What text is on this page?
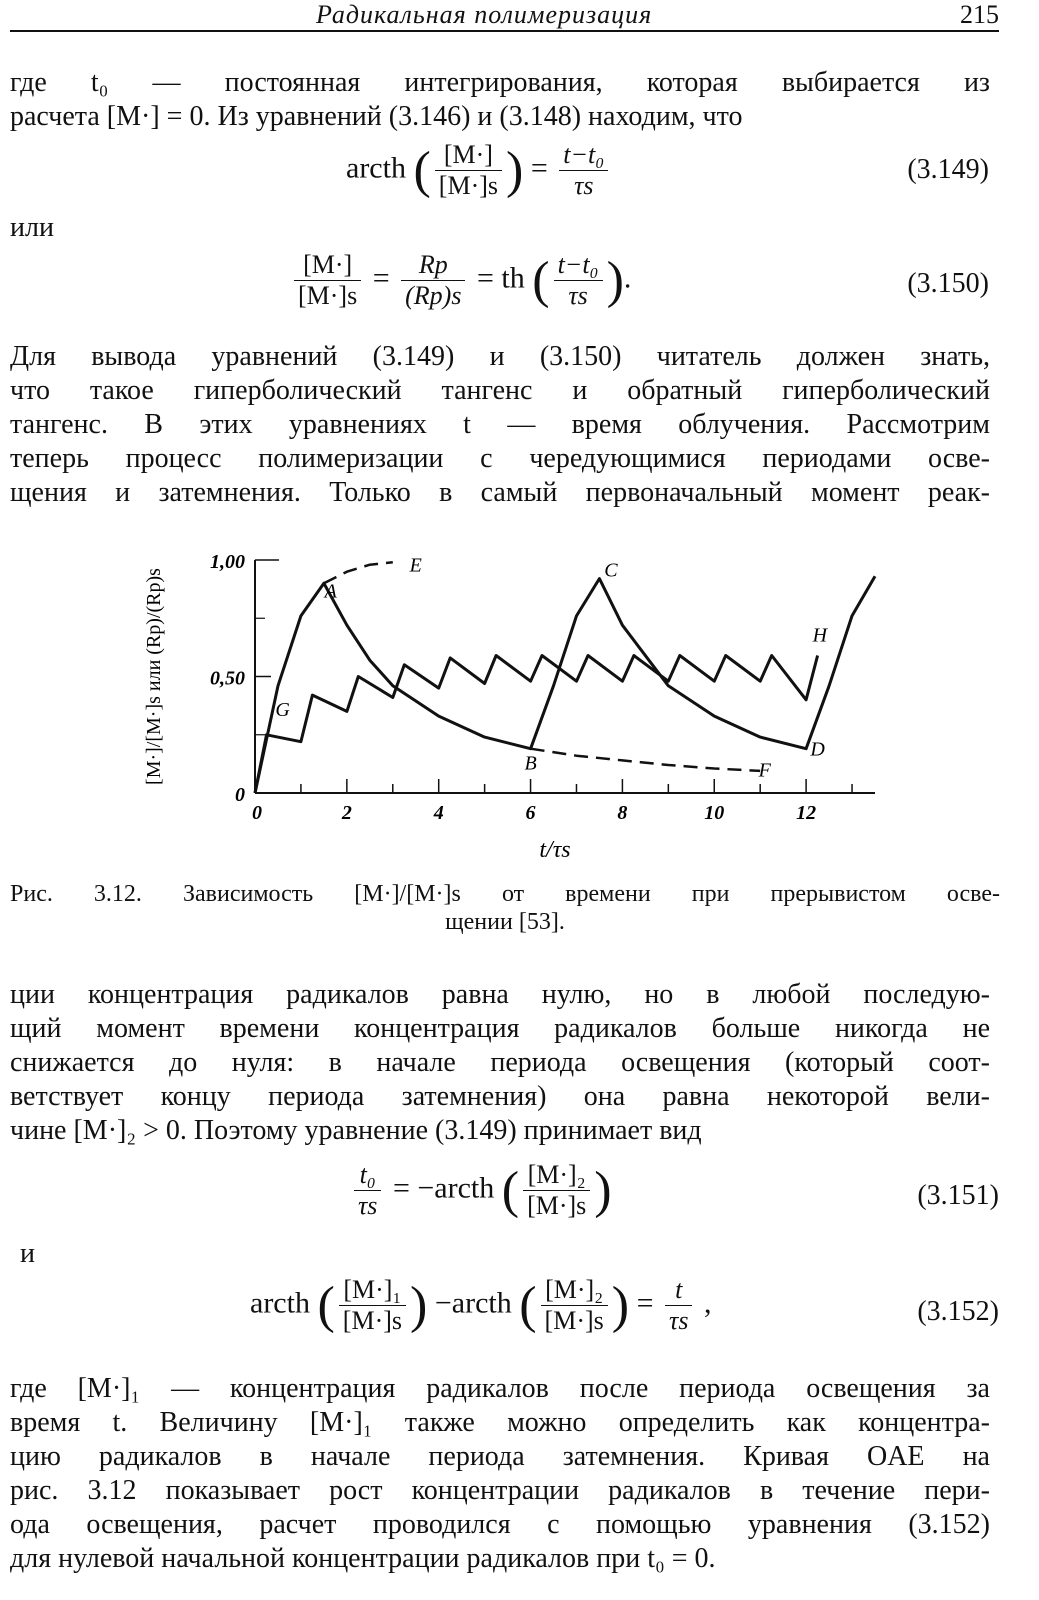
Радикальная полимеризация	215
где t₀ — постоянная интегрирования, которая выбирается из
расчета [M·] = 0. Из уравнений (3.146) и (3.148) находим, что
arcth ( $\frac{[M\cdot]}{[M\cdot]s}$ ) = $\frac{\text{t−t₀}}{\tau s}$	(3.149)
или
$\frac{[M\cdot]}{[M\cdot]s} = \frac{Rp}{(Rp)s}$ = th ( $\frac{\text{t−t₀}}{\tau s}$ ).	(3.150)
Для вывода уравнений (3.149) и (3.150) читатель должен знать,
что такое гиперболический тангенс и обратный гиперболический
тангенс. В этих уравнениях t — время облучения. Рассмотрим
теперь процесс полимеризации с чередующимися периодами осве-
щения и затемнения. Только в самый первоначальный момент реак-
0	2	4	6	8	10	12
0
0,50
1,00
t/τs
[M·]/[M·]s или (Rp)/(Rp)s	A
E	C
H
G
B	F
D
Рис. 3.12. Зависимость [M·]/[M·]s от времени при прерывистом осве-
щении [53].
ции концентрация радикалов равна нулю, но в любой последую-
щий момент времени концентрация радикалов больше никогда не
снижается до нуля: в начале периода освещения (который соот-
ветствует концу периода затемнения) она равна некоторой вели-
чине [M·]₂ > 0. Поэтому уравнение (3.149) принимает вид
$\frac{\text{t₀}}{\tau s}$ = −arcth ( $\frac{\text{[M·]₂}}{[M\cdot]s}$ )	(3.151)
и
arcth ( $\frac{\text{[M·]₁}}{[M\cdot]s}$ ) −arcth ( $\frac{\text{[M·]₂}}{[M\cdot]s}$ ) = $\frac{t}{\tau s}$ ,	(3.152)
где [M·]₁ — концентрация радикалов после периода освещения за
время t. Величину [M·]₁ также можно определить как концентра-
цию радикалов в начале периода затемнения. Кривая OAE на
рис. 3.12 показывает рост концентрации радикалов в течение пери-
ода освещения, расчет проводился с помощью уравнения (3.152)
для нулевой начальной концентрации радикалов при t₀ = 0.
